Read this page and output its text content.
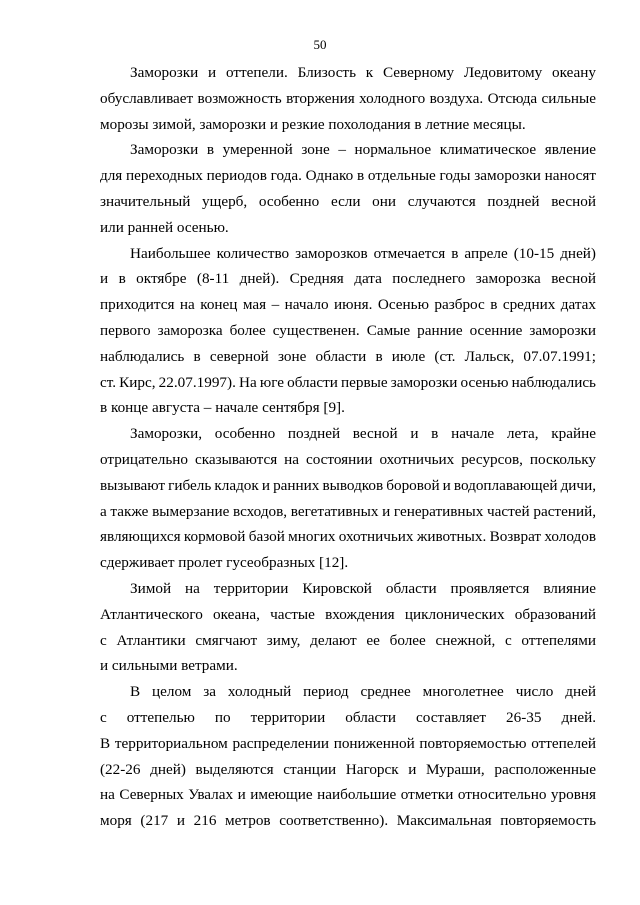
50
Заморозки и оттепели. Близость к Северному Ледовитому океану
обуславливает возможность вторжения холодного воздуха. Отсюда сильные
морозы зимой, заморозки и резкие похолодания в летние месяцы.
Заморозки в умеренной зоне – нормальное климатическое явление
для переходных периодов года. Однако в отдельные годы заморозки наносят
значительный ущерб, особенно если они случаются поздней весной
или ранней осенью.
Наибольшее количество заморозков отмечается в апреле (10-15 дней)
и в октябре (8-11 дней). Средняя дата последнего заморозка весной
приходится на конец мая – начало июня. Осенью разброс в средних датах
первого заморозка более существенен. Самые ранние осенние заморозки
наблюдались в северной зоне области в июле (ст. Лальск, 07.07.1991;
ст. Кирс, 22.07.1997). На юге области первые заморозки осенью наблюдались
в конце августа – начале сентября [9].
Заморозки, особенно поздней весной и в начале лета, крайне
отрицательно сказываются на состоянии охотничьих ресурсов, поскольку
вызывают гибель кладок и ранних выводков боровой и водоплавающей дичи,
а также вымерзание всходов, вегетативных и генеративных частей растений,
являющихся кормовой базой многих охотничьих животных. Возврат холодов
сдерживает пролет гусеобразных [12].
Зимой на территории Кировской области проявляется влияние
Атлантического океана, частые вхождения циклонических образований
с Атлантики смягчают зиму, делают ее более снежной, с оттепелями
и сильными ветрами.
В целом за холодный период среднее многолетнее число дней
с оттепелью по территории области составляет 26-35 дней.
В территориальном распределении пониженной повторяемостью оттепелей
(22-26 дней) выделяются станции Нагорск и Мураши, расположенные
на Северных Увалах и имеющие наибольшие отметки относительно уровня
моря (217 и 216 метров соответственно). Максимальная повторяемость
